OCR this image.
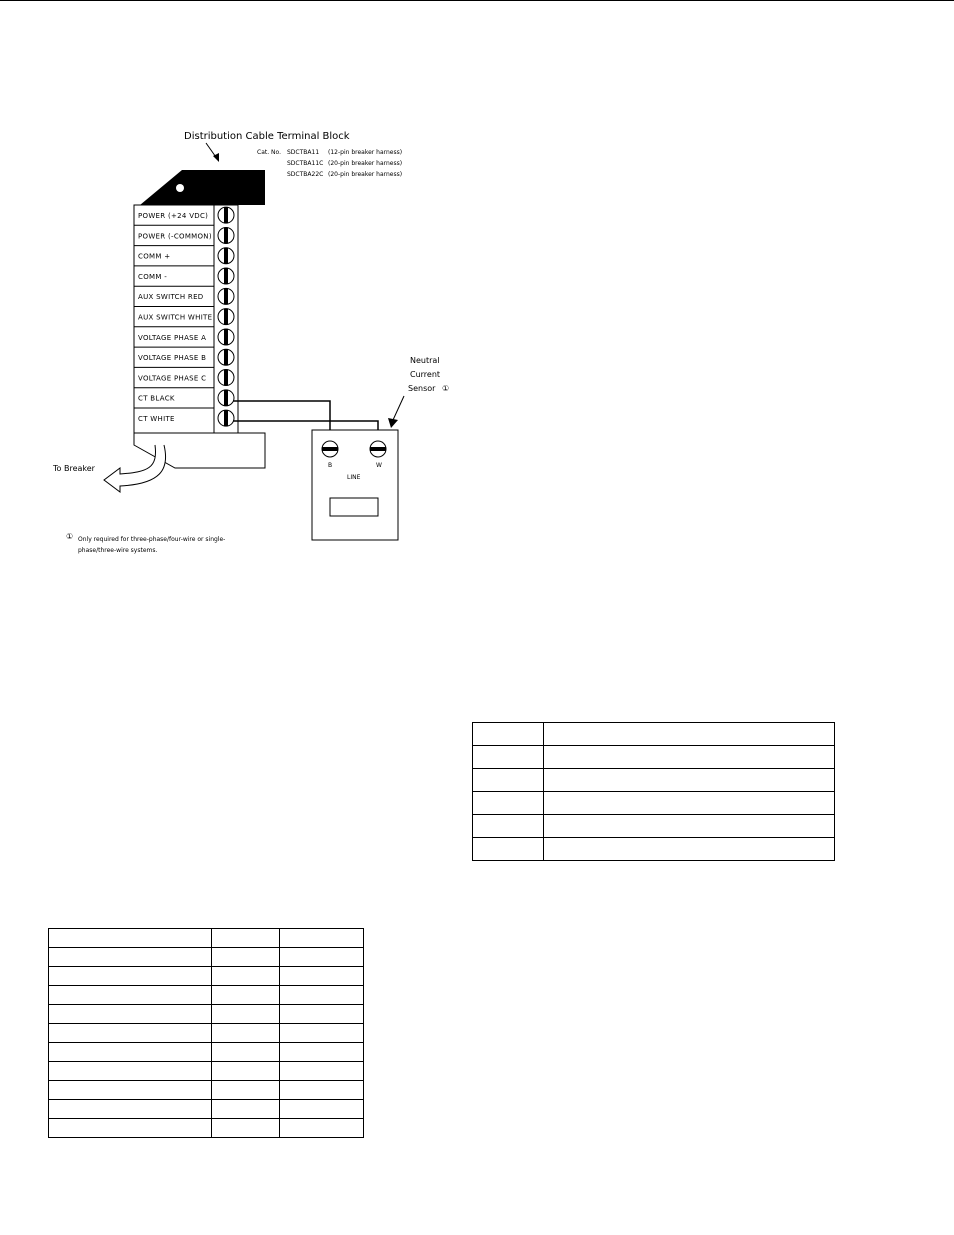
Distribution Cable Terminal Block
Cat. No. SDCTBA11 (12-pin breaker harness)
SDCTBA11C (20-pin breaker harness)
SDCTBA22C (20-pin breaker harness)
POWER (+24 VDC)
POWER (-COMMON)
COMM +
COMM -
AUX SWITCH RED
AUX SWITCH WHITE
VOLTAGE PHASE A
VOLTAGE PHASE B
VOLTAGE PHASE C
CT BLACK
CT WHITE
To Breaker	B	W
LINE
Neutral
Current
Sensor ①
① Only required for three-phase/four-wire or single-
phase/three-wire systems.
